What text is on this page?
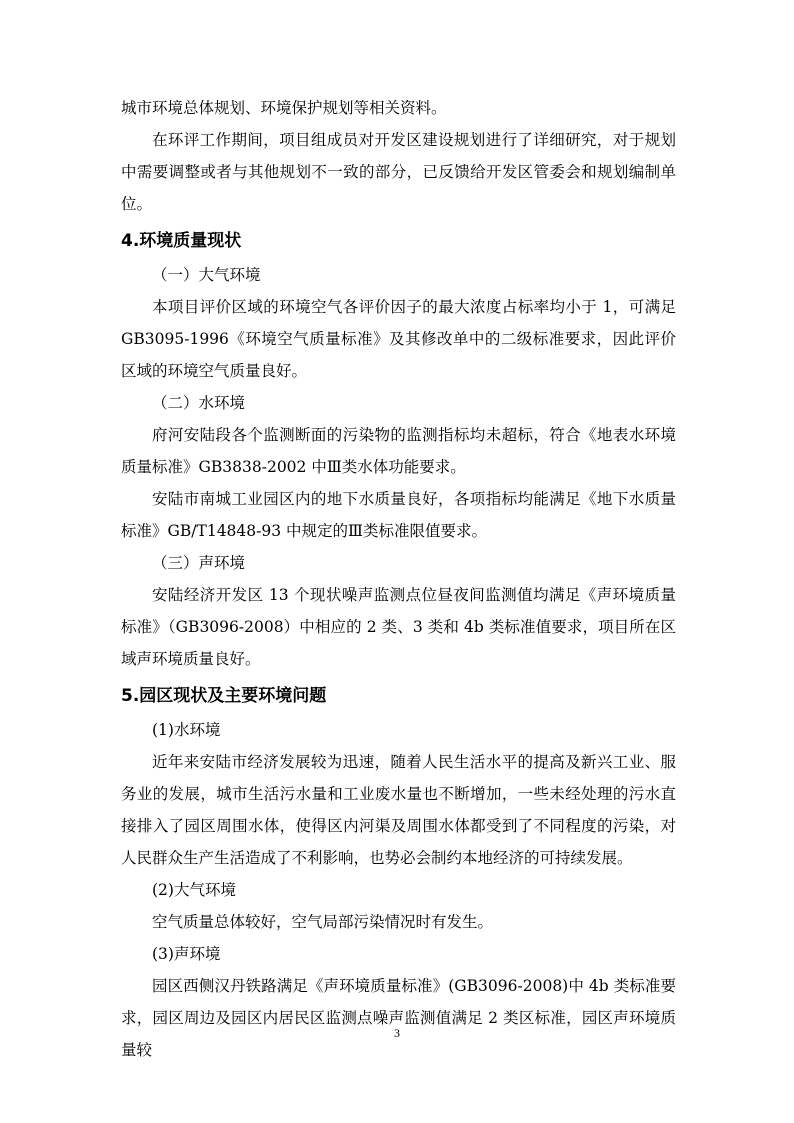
城市环境总体规划、环境保护规划等相关资料。

在环评工作期间，项目组成员对开发区建设规划进行了详细研究，对于规划中需要调整或者与其他规划不一致的部分，已反馈给开发区管委会和规划编制单位。

4.环境质量现状

（一）大气环境

本项目评价区域的环境空气各评价因子的最大浓度占标率均小于 1，可满足GB3095-1996《环境空气质量标准》及其修改单中的二级标准要求，因此评价区域的环境空气质量良好。

（二）水环境

府河安陆段各个监测断面的污染物的监测指标均未超标，符合《地表水环境质量标准》GB3838-2002 中Ⅲ类水体功能要求。

安陆市南城工业园区内的地下水质量良好，各项指标均能满足《地下水质量标准》GB/T14848-93 中规定的Ⅲ类标准限值要求。

（三）声环境

安陆经济开发区 13 个现状噪声监测点位昼夜间监测值均满足《声环境质量标准》（GB3096-2008）中相应的 2 类、3 类和 4b 类标准值要求，项目所在区域声环境质量良好。

5.园区现状及主要环境问题

(1)水环境

近年来安陆市经济发展较为迅速，随着人民生活水平的提高及新兴工业、服务业的发展，城市生活污水量和工业废水量也不断增加，一些未经处理的污水直接排入了园区周围水体，使得区内河渠及周围水体都受到了不同程度的污染，对人民群众生产生活造成了不利影响，也势必会制约本地经济的可持续发展。

(2)大气环境

空气质量总体较好，空气局部污染情况时有发生。

(3)声环境

园区西侧汉丹铁路满足《声环境质量标准》(GB3096-2008)中 4b 类标准要求，园区周边及园区内居民区监测点噪声监测值满足 2 类区标准，园区声环境质量较

3
